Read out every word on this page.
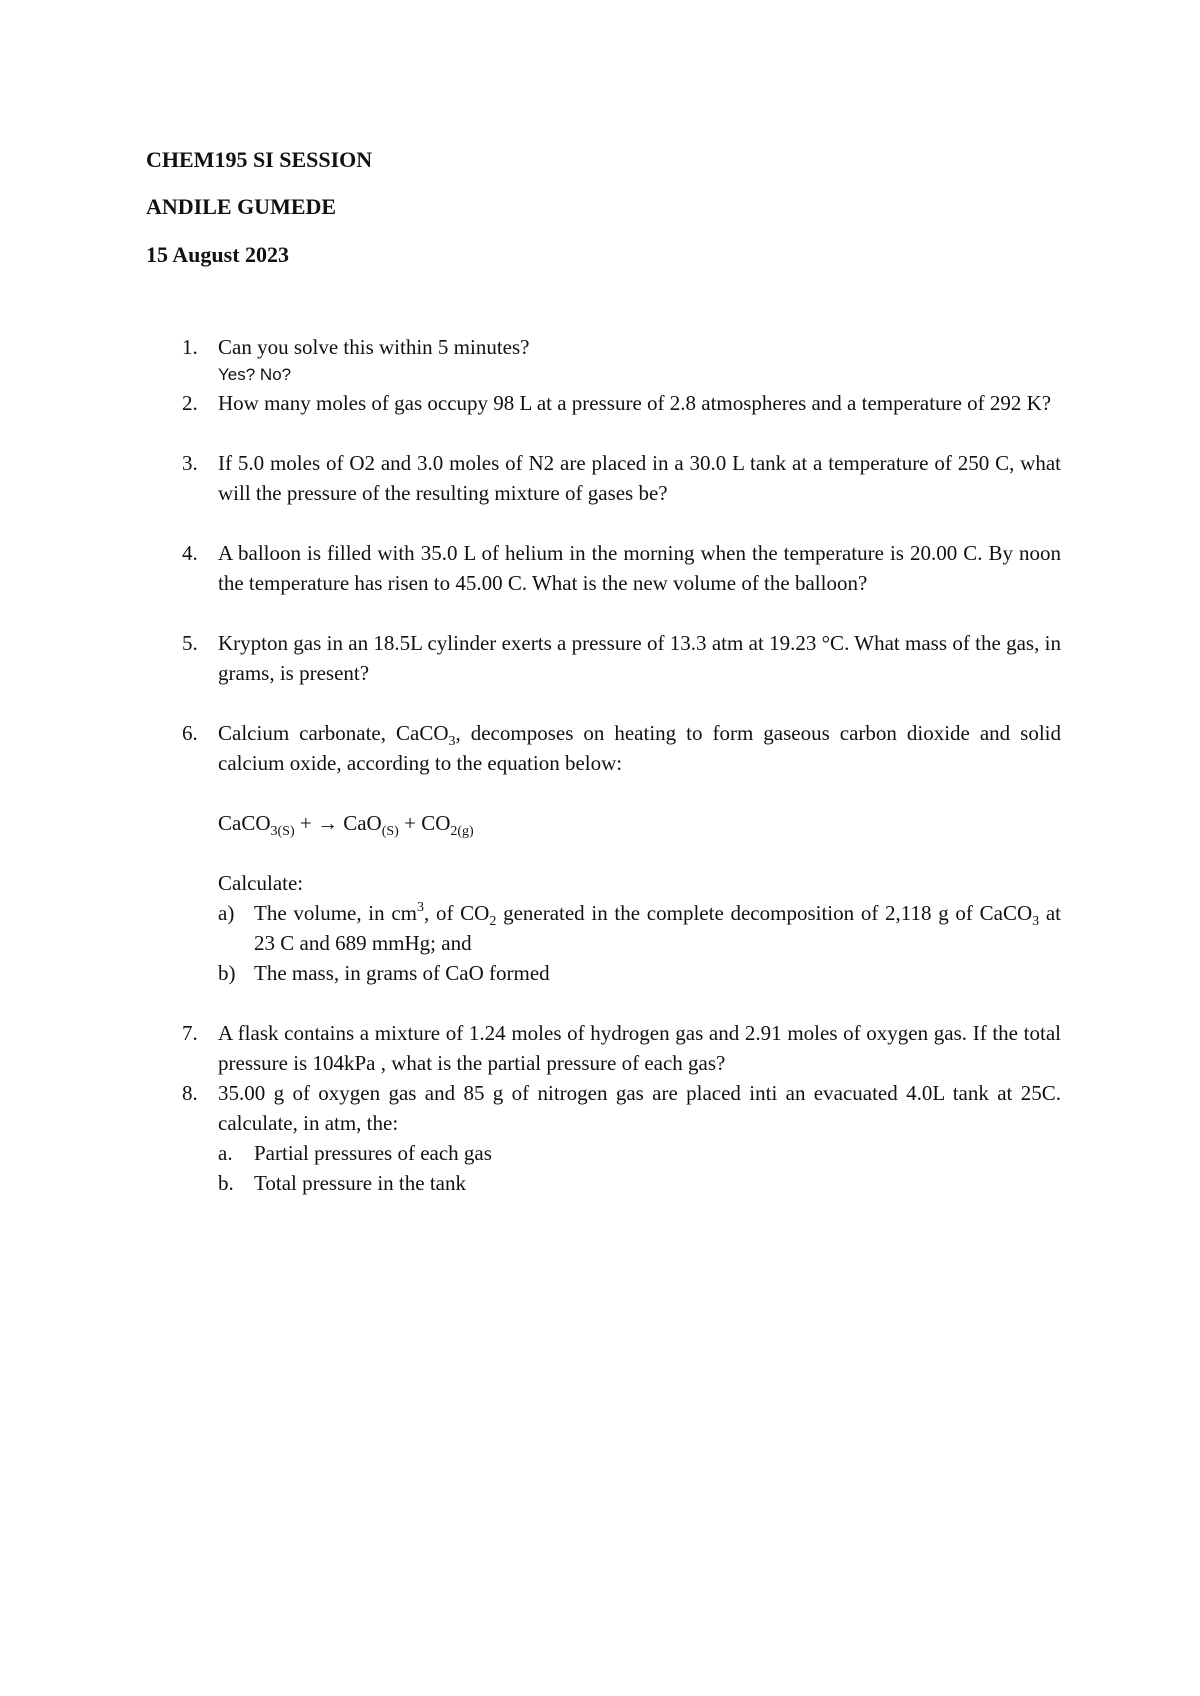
CHEM195 SI SESSION
ANDILE GUMEDE
15 August 2023
1. Can you solve this within 5 minutes?
Yes? No?
2. How many moles of gas occupy 98 L at a pressure of 2.8 atmospheres and a temperature of 292 K?
3. If 5.0 moles of O2 and 3.0 moles of N2 are placed in a 30.0 L tank at a temperature of 250 C, what will the pressure of the resulting mixture of gases be?
4. A balloon is filled with 35.0 L of helium in the morning when the temperature is 20.00 C. By noon the temperature has risen to 45.00 C. What is the new volume of the balloon?
5. Krypton gas in an 18.5L cylinder exerts a pressure of 13.3 atm at 19.23 °C. What mass of the gas, in grams, is present?
6. Calcium carbonate, CaCO$_3$, decomposes on heating to form gaseous carbon dioxide and solid calcium oxide, according to the equation below:
CaCO$_{3(S)}$ + → $CaO_{(S)} + CO_{2(g)}$
Calculate:
a) The volume, in $cm^3$, of $CO_2$ generated in the complete decomposition of 2,118 g of CaCO$_3$ at 23 C and 689 mmHg; and
b) The mass, in grams of CaO formed
7. A flask contains a mixture of 1.24 moles of hydrogen gas and 2.91 moles of oxygen gas. If the total pressure is 104kPa , what is the partial pressure of each gas?
8. 35.00 g of oxygen gas and 85 g of nitrogen gas are placed inti an evacuated 4.0L tank at 25C. calculate, in atm, the:
a. Partial pressures of each gas
b. Total pressure in the tank
